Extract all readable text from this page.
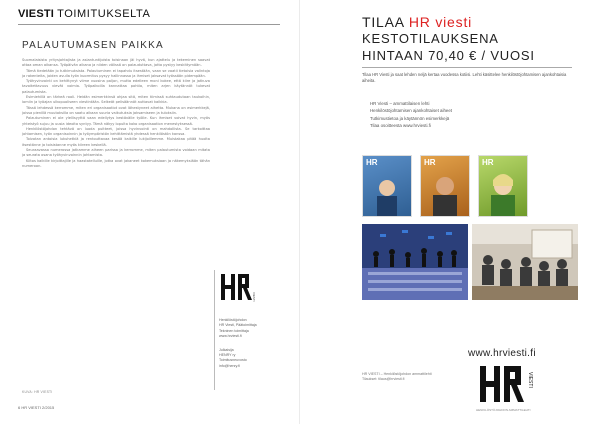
VIESTI TOIMITUKSELTA
PALAUTUMASEN PAIKKA

Suomalaisista yritysjohtajista ja asiantuntijoista toisinaan jäi hyvä, kun ajattelu ja tekeminen saavat ottaa oman aikansa. Työpäivän aikana ja niiden välissä on palauduttava, jotta pystyy keskittymään.

Tämä tiedetään jo tutkimuksista. Palautuminen ei tapahdu itsestään, vaan se vaatii tietoisia valintoja ja rakenteita, joiden avulla työn kuormitus pysyy hallinnassa ja ihmiset jaksavat työssään pidempään.

Työhyvinvointi on kehittynyt viime vuosina paljon, mutta edelleen moni kokee, että kiire ja jatkuva tavoitettavuus vievät voimia. Työpaikoilla kannattaa pohtia, miten arjen käytännöt tukevat palautumista.

Esimiehillä on tärkeä rooli. Heidän esimerkkinsä ohjaa sitä, miten tiimissä suhtaudutaan taukoihin, lomiin ja työajan ulkopuoliseen viestintään. Selkeät pelisäännöt auttavat kaikkia.

Tässä lehdessä kerromme, miten eri organisaatiot ovat lähestyneet aihetta. Mukana on esimerkkejä, joissa pienillä muutoksilla on saatu aikaan suuria vaikutuksia jaksamiseen ja tuloksiin.

Palautuminen ei ole ylellisyyttä vaan edellytys kestävälle työlle. Kun ihmiset voivat hyvin, myös yhteistyö sujuu ja uusia ideoita syntyy. Tämä näkyy lopulta koko organisaation menestyksessä.

Henkilöstöjohdon tehtävä on luoda puitteet, joissa hyvinvointi on mahdollista. Se tarkoittaa johtamisen, työn organisoinnin ja työympäristön kehittämistä yhdessä henkilöstön kanssa.

Toivotan antoisia lukuhetkiä ja rentouttavaa kesää kaikille lukijoillemme. Muistakaa pitää huolta itsestänne ja toisistanne myös kiireen keskellä.

Seuraavassa numerossa jatkamme aiheen parissa ja kerromme, miten palautumista voidaan mitata ja seurata osana työhyvinvoinnin johtamista.

Kiitos kaikille kirjoittajille ja haastatelluille, jotka ovat jakaneet kokemuksiaan ja näkemyksiään tähän numeroon.

VIESTI
Henkilöstöjohdon
HR Viesti, Päätoimittaja
Tekninen toimittaja
www.hrviesti.fi
Julkaisija
HENRY ry
Toimitusneuvosto
info@henry.fi
KUVA: HR VIESTI
6 HR VIESTI 2/2015
TILAA HR viesti
KESTOTILAUKSENA
HINTAAN 70,40 € / VUOSI
Tilaa HR Viesti ja saat lehden neljä kertaa vuodessa kotiisi. Lehti käsittelee henkilöstöjohtamisen ajankohtaisia aiheita.
HR Viesti – ammattilaisen lehti
Henkilöstöjohtamisen ajankohtaiset aiheet
Tutkimustietoa ja käytännön esimerkkejä
Tilaa osoitteesta www.hrviesti.fi
HR	HR	HR
HR VIESTI – Henkilöstöjohdon ammattilehti
Tilaukset: tilaus@hrviesti.fi
www.hrviesti.fi
VIESTI
HENKILÖSTÖJOHDON AMMATTILEHTI
